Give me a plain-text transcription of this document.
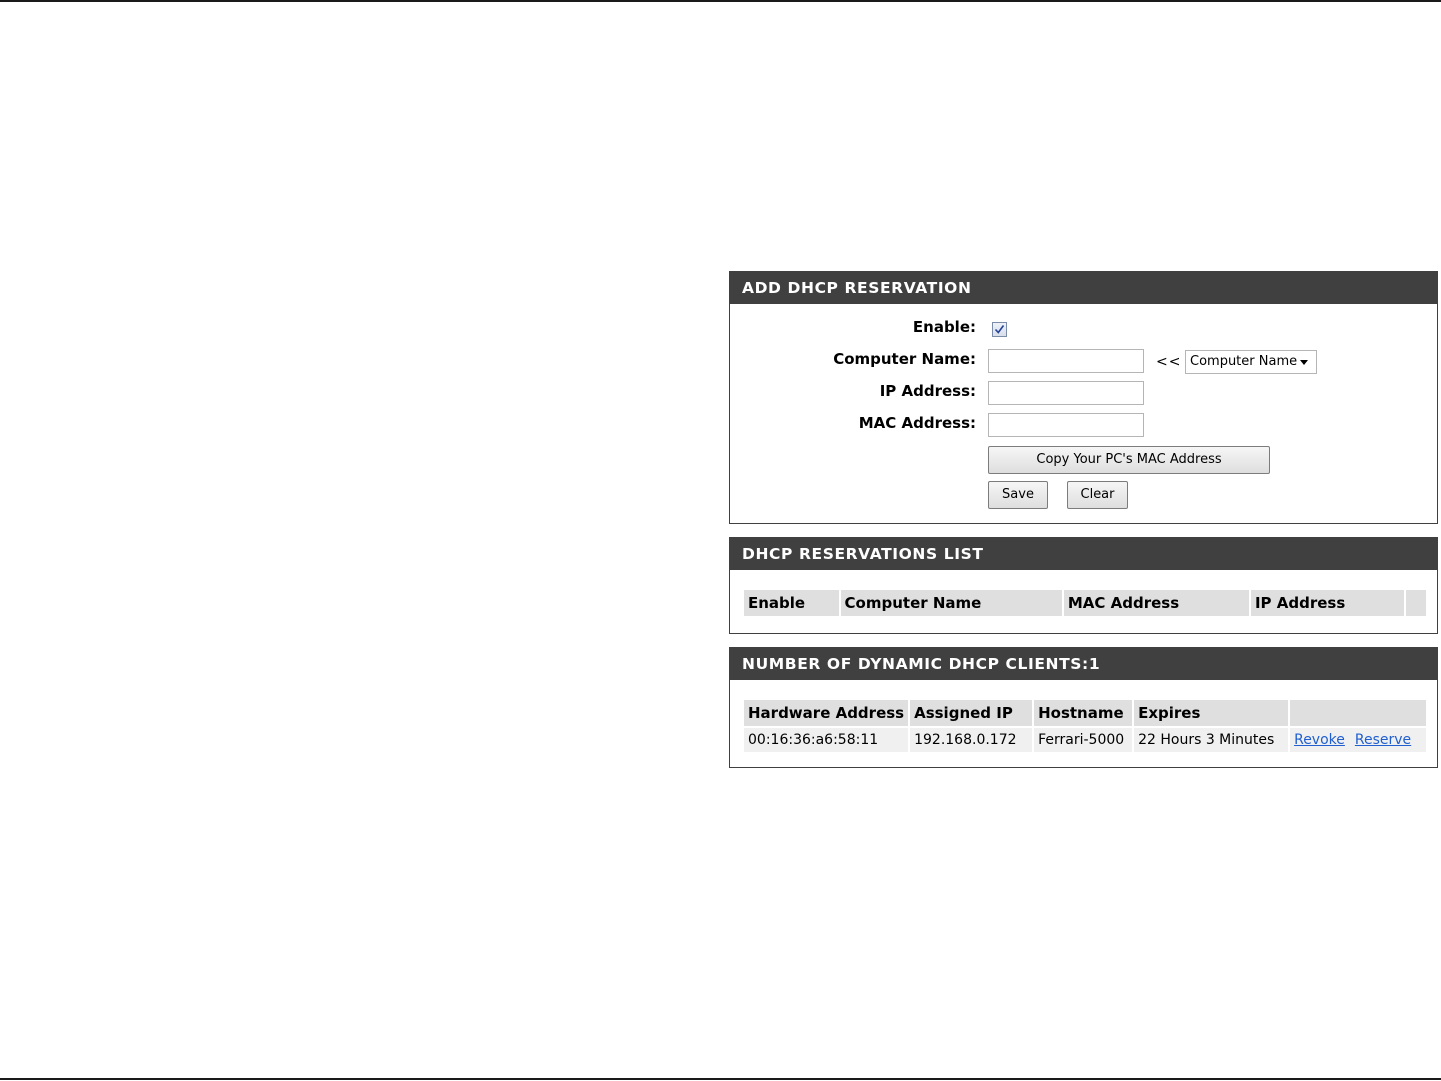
ADD DHCP RESERVATION
Enable:
Computer Name:	<< Computer Name
IP Address:
MAC Address:
Copy Your PC's MAC Address
Save	Clear
DHCP RESERVATIONS LIST
Enable	Computer Name	MAC Address	IP Address	
NUMBER OF DYNAMIC DHCP CLIENTS:1
Hardware Address	Assigned IP	Hostname	Expires	
00:16:36:a6:58:11	192.168.0.172	Ferrari-5000	22 Hours 3 Minutes	Revoke Reserve
